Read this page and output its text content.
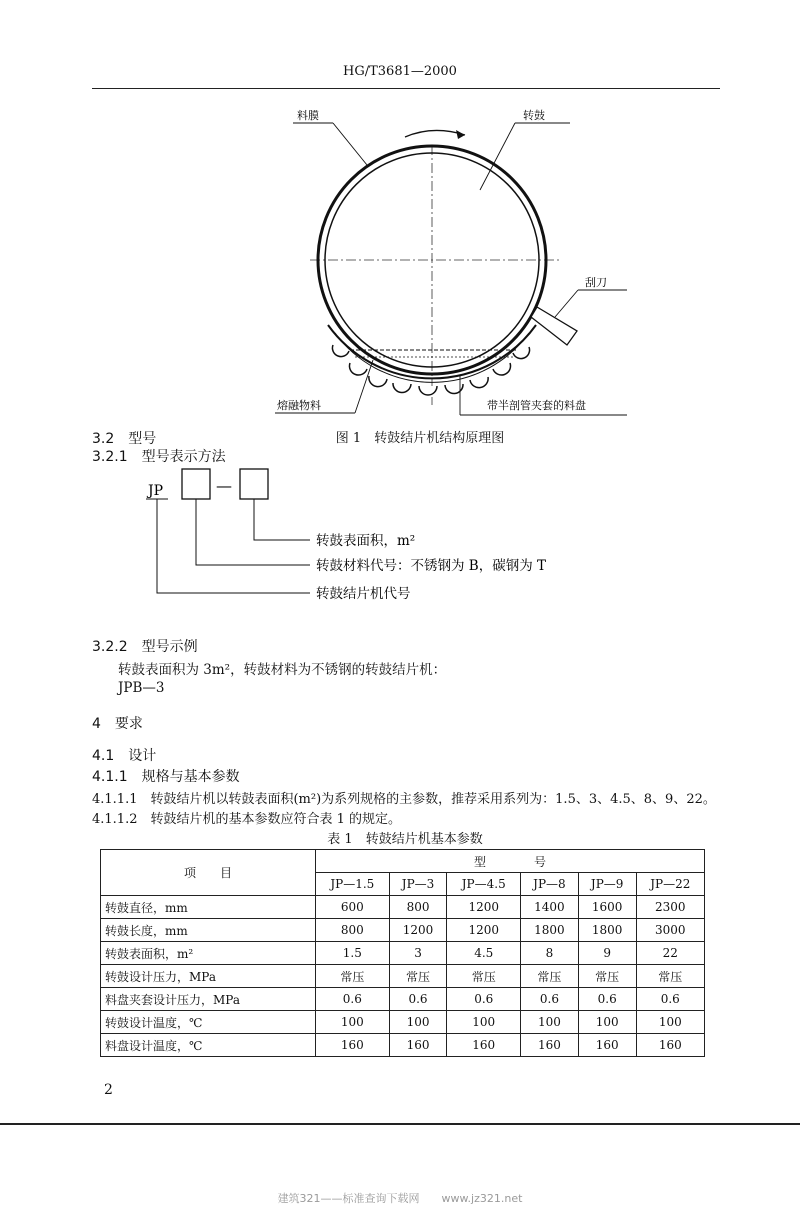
HG/T3681—2000
料膜	转鼓
刮刀
熔融物料	带半剖管夹套的料盘
图 1　转鼓结片机结构原理图
3.2　型号
3.2.1　型号表示方法
JP	—
转鼓表面积，m²
转鼓材料代号：不锈钢为 B，碳钢为 T
转鼓结片机代号
3.2.2　型号示例
转鼓表面积为 3m²，转鼓材料为不锈钢的转鼓结片机：
JPB—3
4　要求
4.1　设计
4.1.1　规格与基本参数
4.1.1.1　转鼓结片机以转鼓表面积(m²)为系列规格的主参数，推荐采用系列为：1.5、3、4.5、8、9、22。
4.1.1.2　转鼓结片机的基本参数应符合表 1 的规定。
表 1　转鼓结片机基本参数
项　　目	型　　　　号					
	JP—1.5	JP—3	JP—4.5	JP—8	JP—9	JP—22
转鼓直径，mm	600	800	1200	1400	1600	2300
转鼓长度，mm	800	1200	1200	1800	1800	3000
转鼓表面积，m²	1.5	3	4.5	8	9	22
转鼓设计压力，MPa	常压	常压	常压	常压	常压	常压
料盘夹套设计压力，MPa	0.6	0.6	0.6	0.6	0.6	0.6
转鼓设计温度，℃	100	100	100	100	100	100
料盘设计温度，℃	160	160	160	160	160	160
2
建筑321——标准查询下载网　　www.jz321.net
